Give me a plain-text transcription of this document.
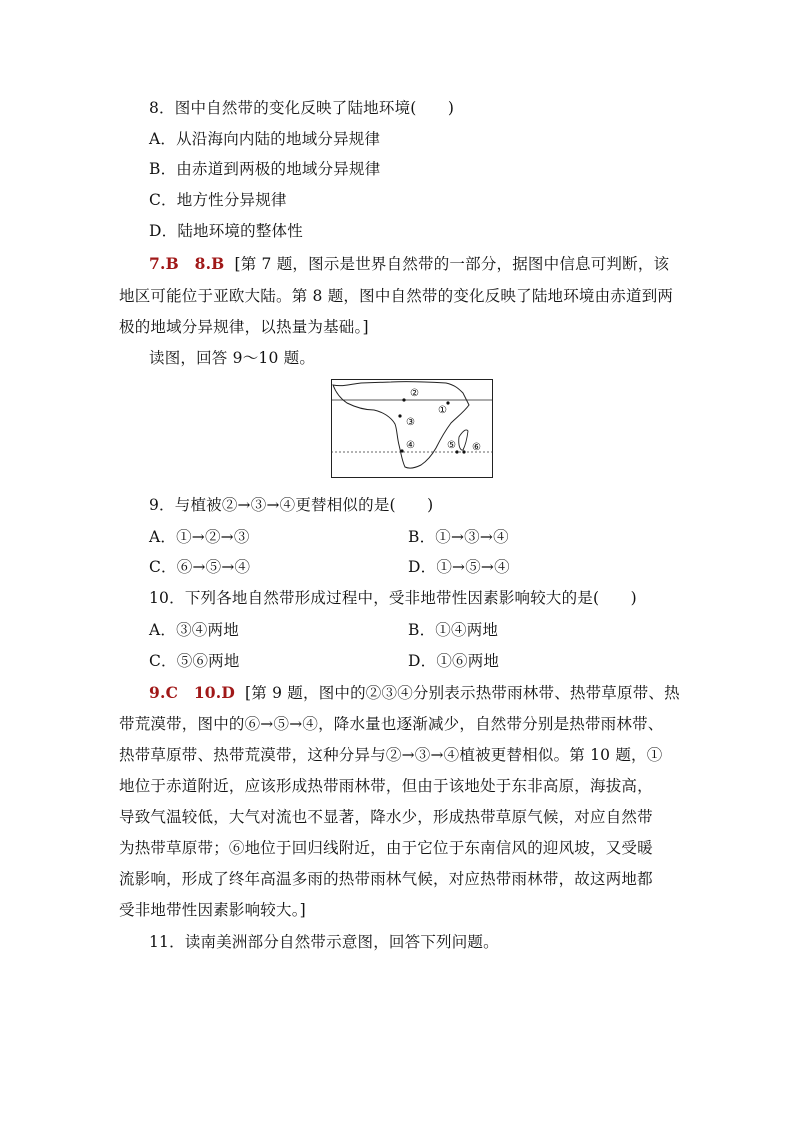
8．图中自然带的变化反映了陆地环境(　　)
A．从沿海向内陆的地域分异规律
B．由赤道到两极的地域分异规律
C．地方性分异规律
D．陆地环境的整体性
7.B　8.B [第 7 题，图示是世界自然带的一部分，据图中信息可判断，该
地区可能位于亚欧大陆。第 8 题，图中自然带的变化反映了陆地环境由赤道到两
极的地域分异规律，以热量为基础。]
读图，回答 9～10 题。
②
①
③
④	⑤ ⑥
9．与植被②→③→④更替相似的是(　　)
A．①→②→③	B．①→③→④
C．⑥→⑤→④	D．①→⑤→④
10．下列各地自然带形成过程中，受非地带性因素影响较大的是(　　)
A．③④两地	B．①④两地
C．⑤⑥两地	D．①⑥两地
9.C　10.D [第 9 题，图中的②③④分别表示热带雨林带、热带草原带、热
带荒漠带，图中的⑥→⑤→④，降水量也逐渐减少，自然带分别是热带雨林带、
热带草原带、热带荒漠带，这种分异与②→③→④植被更替相似。第 10 题，①
地位于赤道附近，应该形成热带雨林带，但由于该地处于东非高原，海拔高，
导致气温较低，大气对流也不显著，降水少，形成热带草原气候，对应自然带
为热带草原带；⑥地位于回归线附近，由于它位于东南信风的迎风坡，又受暖
流影响，形成了终年高温多雨的热带雨林气候，对应热带雨林带，故这两地都
受非地带性因素影响较大。]
11．读南美洲部分自然带示意图，回答下列问题。
